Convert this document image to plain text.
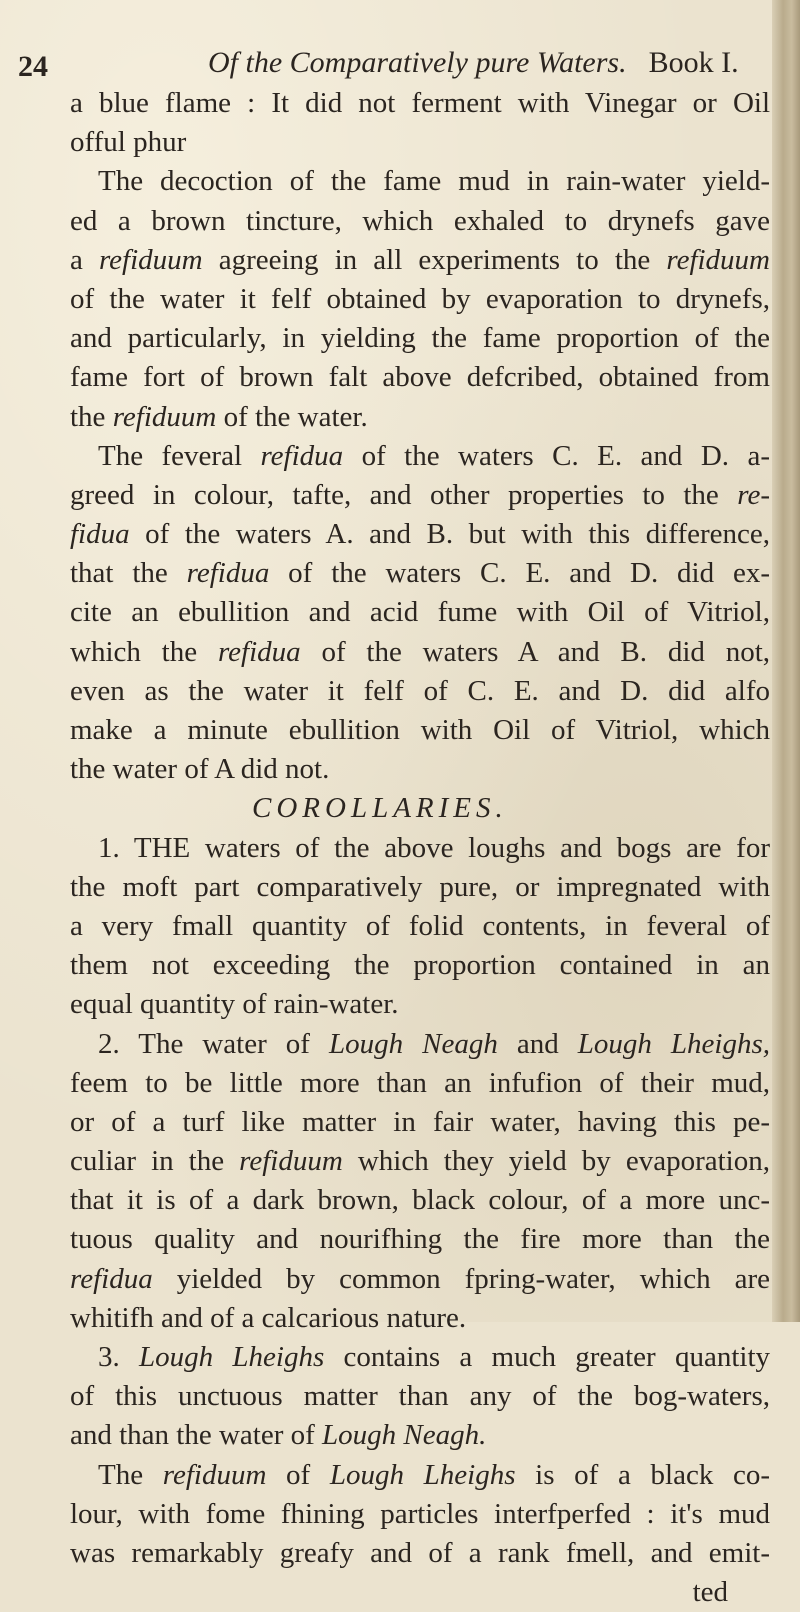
24	Of the Comparatively pure Waters. Book I.

a blue flame : It did not ferment with Vinegar or Oil
offul phur
The decoction of the fame mud in rain-water yield-
ed a brown tincture, which exhaled to drynefs gave
a refiduum agreeing in all experiments to the refiduum
of the water it felf obtained by evaporation to drynefs,
and particularly, in yielding the fame proportion of the
fame fort of brown falt above defcribed, obtained from
the refiduum of the water.
The feveral refidua of the waters C. E. and D. a-
greed in colour, tafte, and other properties to the re-
fidua of the waters A. and B. but with this difference,
that the refidua of the waters C. E. and D. did ex-
cite an ebullition and acid fume with Oil of Vitriol,
which the refidua of the waters A and B. did not,
even as the water it felf of C. E. and D. did alfo
make a minute ebullition with Oil of Vitriol, which
the water of A did not.
COROLLARIES.
1. THE waters of the above loughs and bogs are for
the moft part comparatively pure, or impregnated with
a very fmall quantity of folid contents, in feveral of
them not exceeding the proportion contained in an
equal quantity of rain-water.
2. The water of Lough Neagh and Lough Lheighs,
feem to be little more than an infufion of their mud,
or of a turf like matter in fair water, having this pe-
culiar in the refiduum which they yield by evaporation,
that it is of a dark brown, black colour, of a more unc-
tuous quality and nourifhing the fire more than the
refidua yielded by common fpring-water, which are
whitifh and of a calcarious nature.
3. Lough Lheighs contains a much greater quantity
of this unctuous matter than any of the bog-waters,
and than the water of Lough Neagh.
The refiduum of Lough Lheighs is of a black co-
lour, with fome fhining particles interfperfed : it's mud
was remarkably greafy and of a rank fmell, and emit-
ted
